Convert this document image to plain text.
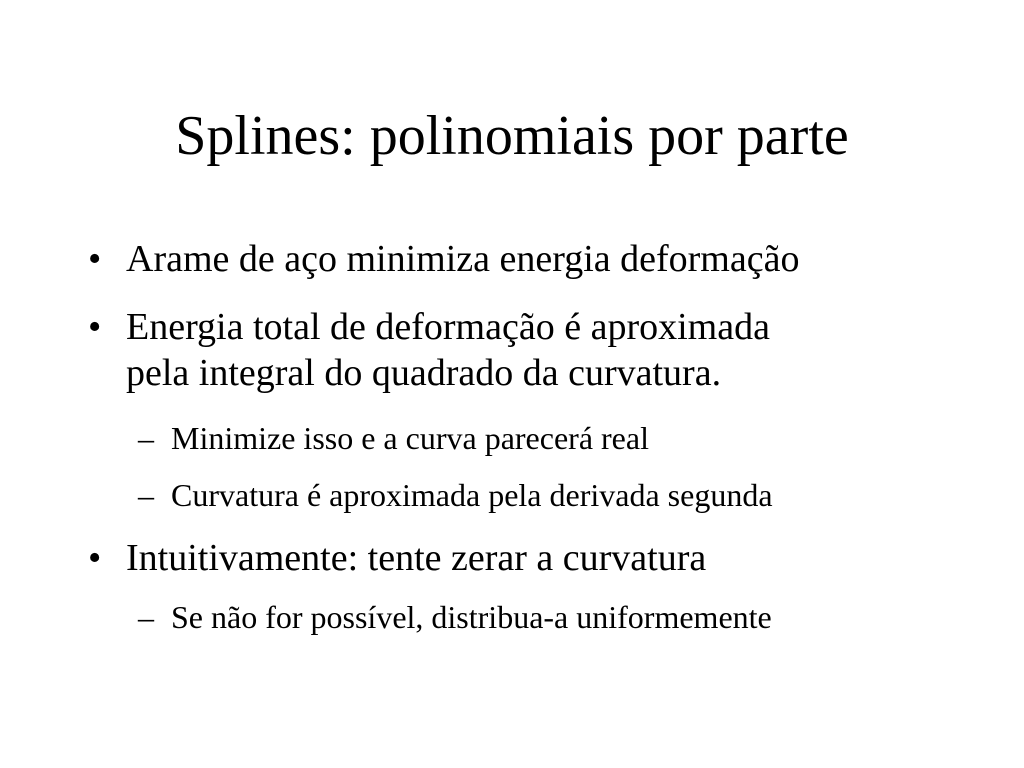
Splines: polinomiais por parte
• Arame de aço minimiza energia deformação
• Energia total de deformação é aproximada
pela integral do quadrado da curvatura.
– Minimize isso e a curva parecerá real
– Curvatura é aproximada pela derivada segunda
• Intuitivamente: tente zerar a curvatura
– Se não for possível, distribua-a uniformemente
